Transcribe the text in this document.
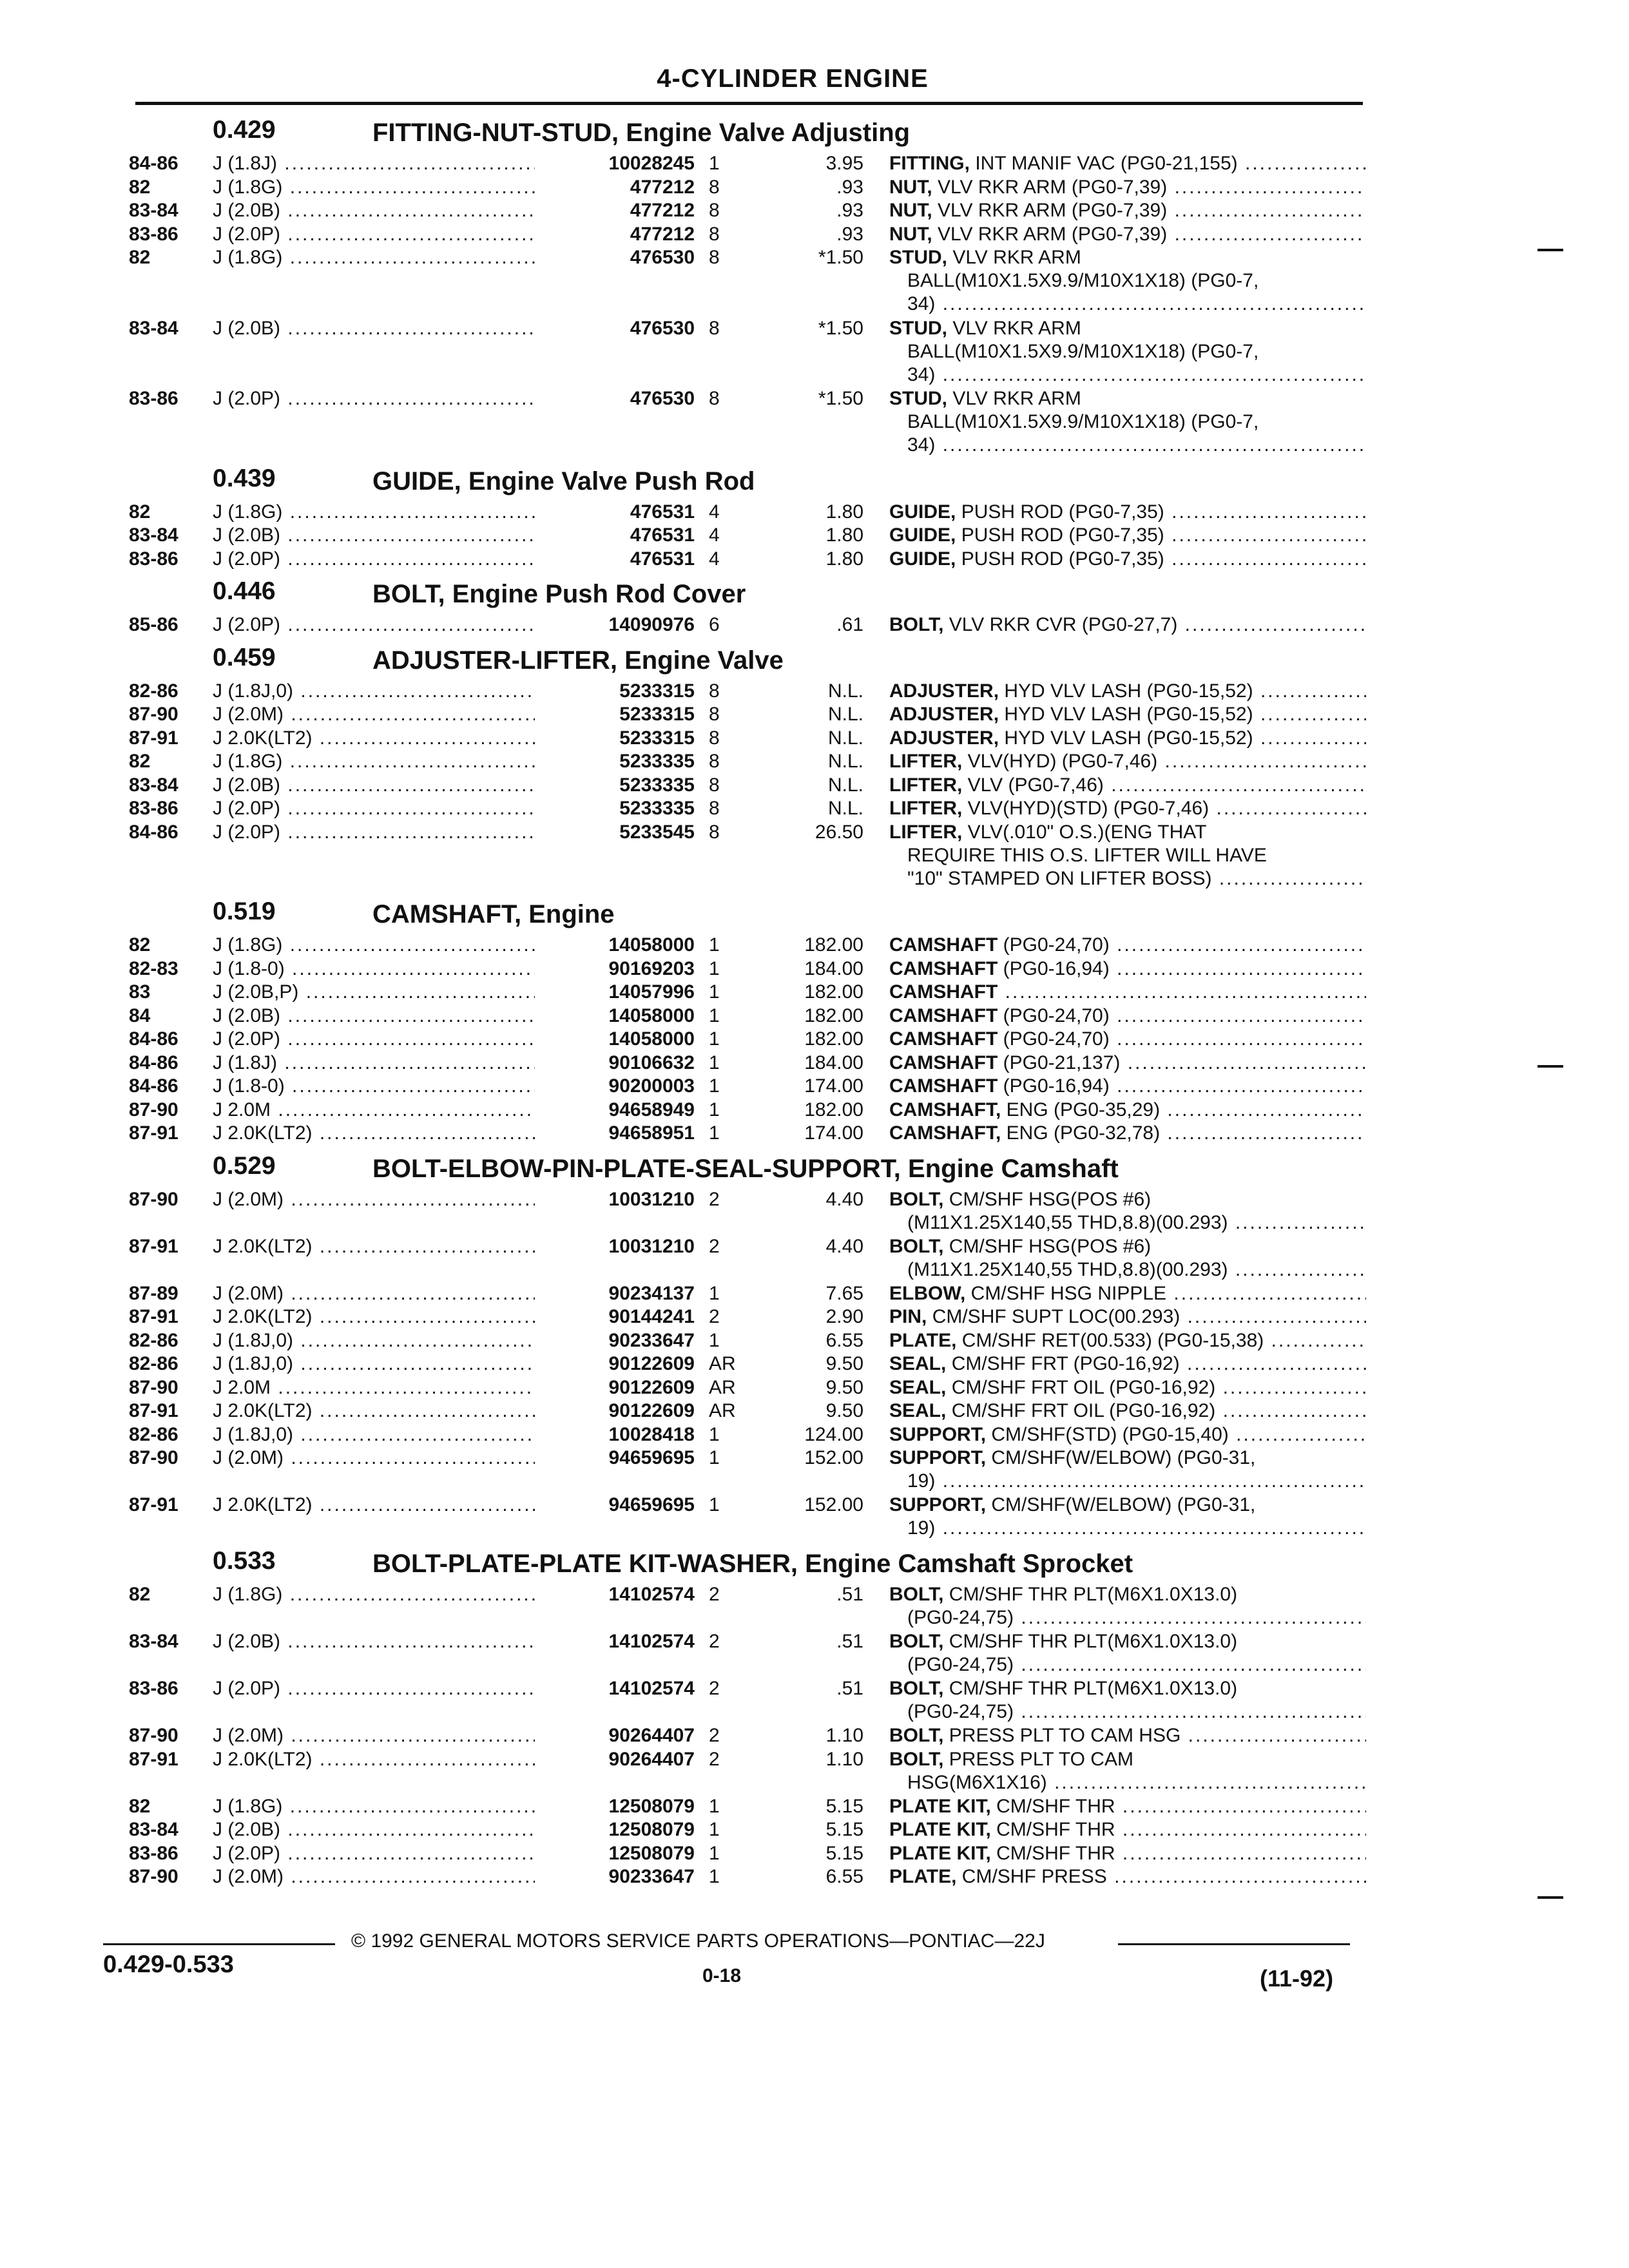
4-CYLINDER ENGINE
0.429	FITTING-NUT-STUD, Engine Valve Adjusting
84-86 J (1.8J) .....	10028245 1	3.95 FITTING, INT MANIF VAC (PG0-21,155) .....
82	J (1.8G) .....	477212 8	.93 NUT, VLV RKR ARM (PG0-7,39) .....
83-84 J (2.0B) .....	477212 8	.93 NUT, VLV RKR ARM (PG0-7,39) .....
83-86 J (2.0P) .....	477212 8	.93 NUT, VLV RKR ARM (PG0-7,39) .....
82	J (1.8G) .....	476530 8	*1.50 STUD, VLV RKR ARM
BALL(M10X1.5X9.9/M10X1X18) (PG0-7,
34) .....
83-84 J (2.0B) .....	476530 8	*1.50 STUD, VLV RKR ARM
BALL(M10X1.5X9.9/M10X1X18) (PG0-7,
34) .....
83-86 J (2.0P) .....	476530 8	*1.50 STUD, VLV RKR ARM
BALL(M10X1.5X9.9/M10X1X18) (PG0-7,
34) .....
0.439	GUIDE, Engine Valve Push Rod
82	J (1.8G) .....	476531 4	1.80 GUIDE, PUSH ROD (PG0-7,35) .....
83-84 J (2.0B) .....	476531 4	1.80 GUIDE, PUSH ROD (PG0-7,35) .....
83-86 J (2.0P) .....	476531 4	1.80 GUIDE, PUSH ROD (PG0-7,35) .....
0.446	BOLT, Engine Push Rod Cover
85-86 J (2.0P) .....	14090976 6	.61 BOLT, VLV RKR CVR (PG0-27,7) .....
0.459	ADJUSTER-LIFTER, Engine Valve
82-86 J (1.8J,0) .....	5233315 8	N.L. ADJUSTER, HYD VLV LASH (PG0-15,52) .....
87-90 J (2.0M) .....	5233315 8	N.L. ADJUSTER, HYD VLV LASH (PG0-15,52) .....
87-91 J 2.0K(LT2) .....	5233315 8	N.L. ADJUSTER, HYD VLV LASH (PG0-15,52) .....
82	J (1.8G) .....	5233335 8	N.L. LIFTER, VLV(HYD) (PG0-7,46) .....
83-84 J (2.0B) .....	5233335 8	N.L. LIFTER, VLV (PG0-7,46) .....
83-86 J (2.0P) .....	5233335 8	N.L. LIFTER, VLV(HYD)(STD) (PG0-7,46) .....
84-86 J (2.0P) .....	5233545 8	26.50 LIFTER, VLV(.010" O.S.)(ENG THAT
REQUIRE THIS O.S. LIFTER WILL HAVE
"10" STAMPED ON LIFTER BOSS) .....
0.519	CAMSHAFT, Engine
82	J (1.8G) .....	14058000 1	182.00 CAMSHAFT (PG0-24,70) .....
82-83 J (1.8-0) .....	90169203 1	184.00 CAMSHAFT (PG0-16,94) .....
83	J (2.0B,P) .....	14057996 1	182.00 CAMSHAFT .....
84	J (2.0B) .....	14058000 1	182.00 CAMSHAFT (PG0-24,70) .....
84-86 J (2.0P) .....	14058000 1	182.00 CAMSHAFT (PG0-24,70) .....
84-86 J (1.8J) .....	90106632 1	184.00 CAMSHAFT (PG0-21,137) .....
84-86 J (1.8-0) .....	90200003 1	174.00 CAMSHAFT (PG0-16,94) .....
87-90 J 2.0M .....	94658949 1	182.00 CAMSHAFT, ENG (PG0-35,29) .....
87-91 J 2.0K(LT2) .....	94658951 1	174.00 CAMSHAFT, ENG (PG0-32,78) .....
0.529	BOLT-ELBOW-PIN-PLATE-SEAL-SUPPORT, Engine Camshaft
87-90 J (2.0M) .....	10031210 2	4.40 BOLT, CM/SHF HSG(POS #6)
(M11X1.25X140,55 THD,8.8)(00.293) .....
87-91 J 2.0K(LT2) .....	10031210 2	4.40 BOLT, CM/SHF HSG(POS #6)
(M11X1.25X140,55 THD,8.8)(00.293) .....
87-89 J (2.0M) .....	90234137 1	7.65 ELBOW, CM/SHF HSG NIPPLE .....
87-91 J 2.0K(LT2) .....	90144241 2	2.90 PIN, CM/SHF SUPT LOC(00.293) .....
82-86 J (1.8J,0) .....	90233647 1	6.55 PLATE, CM/SHF RET(00.533) (PG0-15,38) .....
82-86 J (1.8J,0) .....	90122609 AR	9.50 SEAL, CM/SHF FRT (PG0-16,92) .....
87-90 J 2.0M .....	90122609 AR	9.50 SEAL, CM/SHF FRT OIL (PG0-16,92) .....
87-91 J 2.0K(LT2) .....	90122609 AR	9.50 SEAL, CM/SHF FRT OIL (PG0-16,92) .....
82-86 J (1.8J,0) .....	10028418 1	124.00 SUPPORT, CM/SHF(STD) (PG0-15,40) .....
87-90 J (2.0M) .....	94659695 1	152.00 SUPPORT, CM/SHF(W/ELBOW) (PG0-31,
19) .....
87-91 J 2.0K(LT2) .....	94659695 1	152.00 SUPPORT, CM/SHF(W/ELBOW) (PG0-31,
19) .....
0.533	BOLT-PLATE-PLATE KIT-WASHER, Engine Camshaft Sprocket
82	J (1.8G) .....	14102574 2	.51 BOLT, CM/SHF THR PLT(M6X1.0X13.0)
(PG0-24,75) .....
83-84 J (2.0B) .....	14102574 2	.51 BOLT, CM/SHF THR PLT(M6X1.0X13.0)
(PG0-24,75) .....
83-86 J (2.0P) .....	14102574 2	.51 BOLT, CM/SHF THR PLT(M6X1.0X13.0)
(PG0-24,75) .....
87-90 J (2.0M) .....	90264407 2	1.10 BOLT, PRESS PLT TO CAM HSG .....
87-91 J 2.0K(LT2) .....	90264407 2	1.10 BOLT, PRESS PLT TO CAM
HSG(M6X1X16) .....
82	J (1.8G) .....	12508079 1	5.15 PLATE KIT, CM/SHF THR .....
83-84 J (2.0B) .....	12508079 1	5.15 PLATE KIT, CM/SHF THR .....
83-86 J (2.0P) .....	12508079 1	5.15 PLATE KIT, CM/SHF THR .....
87-90 J (2.0M) .....	90233647 1	6.55 PLATE, CM/SHF PRESS .....
© 1992 GENERAL MOTORS SERVICE PARTS OPERATIONS—PONTIAC—22J
0.429-0.533	0-18	(11-92)
